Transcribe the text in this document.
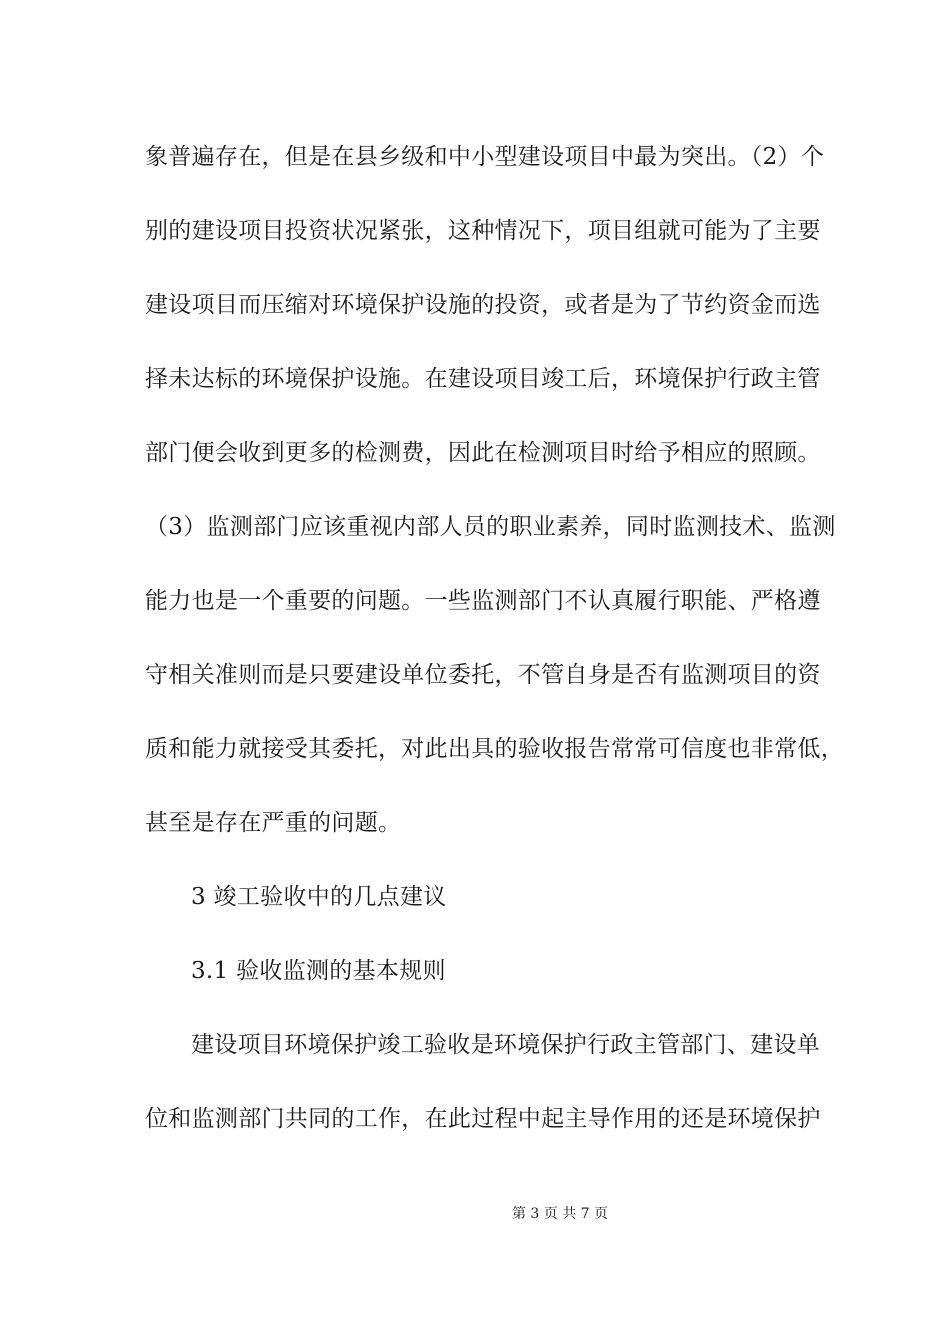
象普遍存在，但是在县乡级和中小型建设项目中最为突出。（2）个
别的建设项目投资状况紧张，这种情况下，项目组就可能为了主要
建设项目而压缩对环境保护设施的投资，或者是为了节约资金而选
择未达标的环境保护设施。在建设项目竣工后，环境保护行政主管
部门便会收到更多的检测费，因此在检测项目时给予相应的照顾。
（3）监测部门应该重视内部人员的职业素养，同时监测技术、监测
能力也是一个重要的问题。一些监测部门不认真履行职能、严格遵
守相关准则而是只要建设单位委托，不管自身是否有监测项目的资
质和能力就接受其委托，对此出具的验收报告常常可信度也非常低，
甚至是存在严重的问题。
3 竣工验收中的几点建议
3.1 验收监测的基本规则
建设项目环境保护竣工验收是环境保护行政主管部门、建设单
位和监测部门共同的工作，在此过程中起主导作用的还是环境保护
第 3 页 共 7 页
